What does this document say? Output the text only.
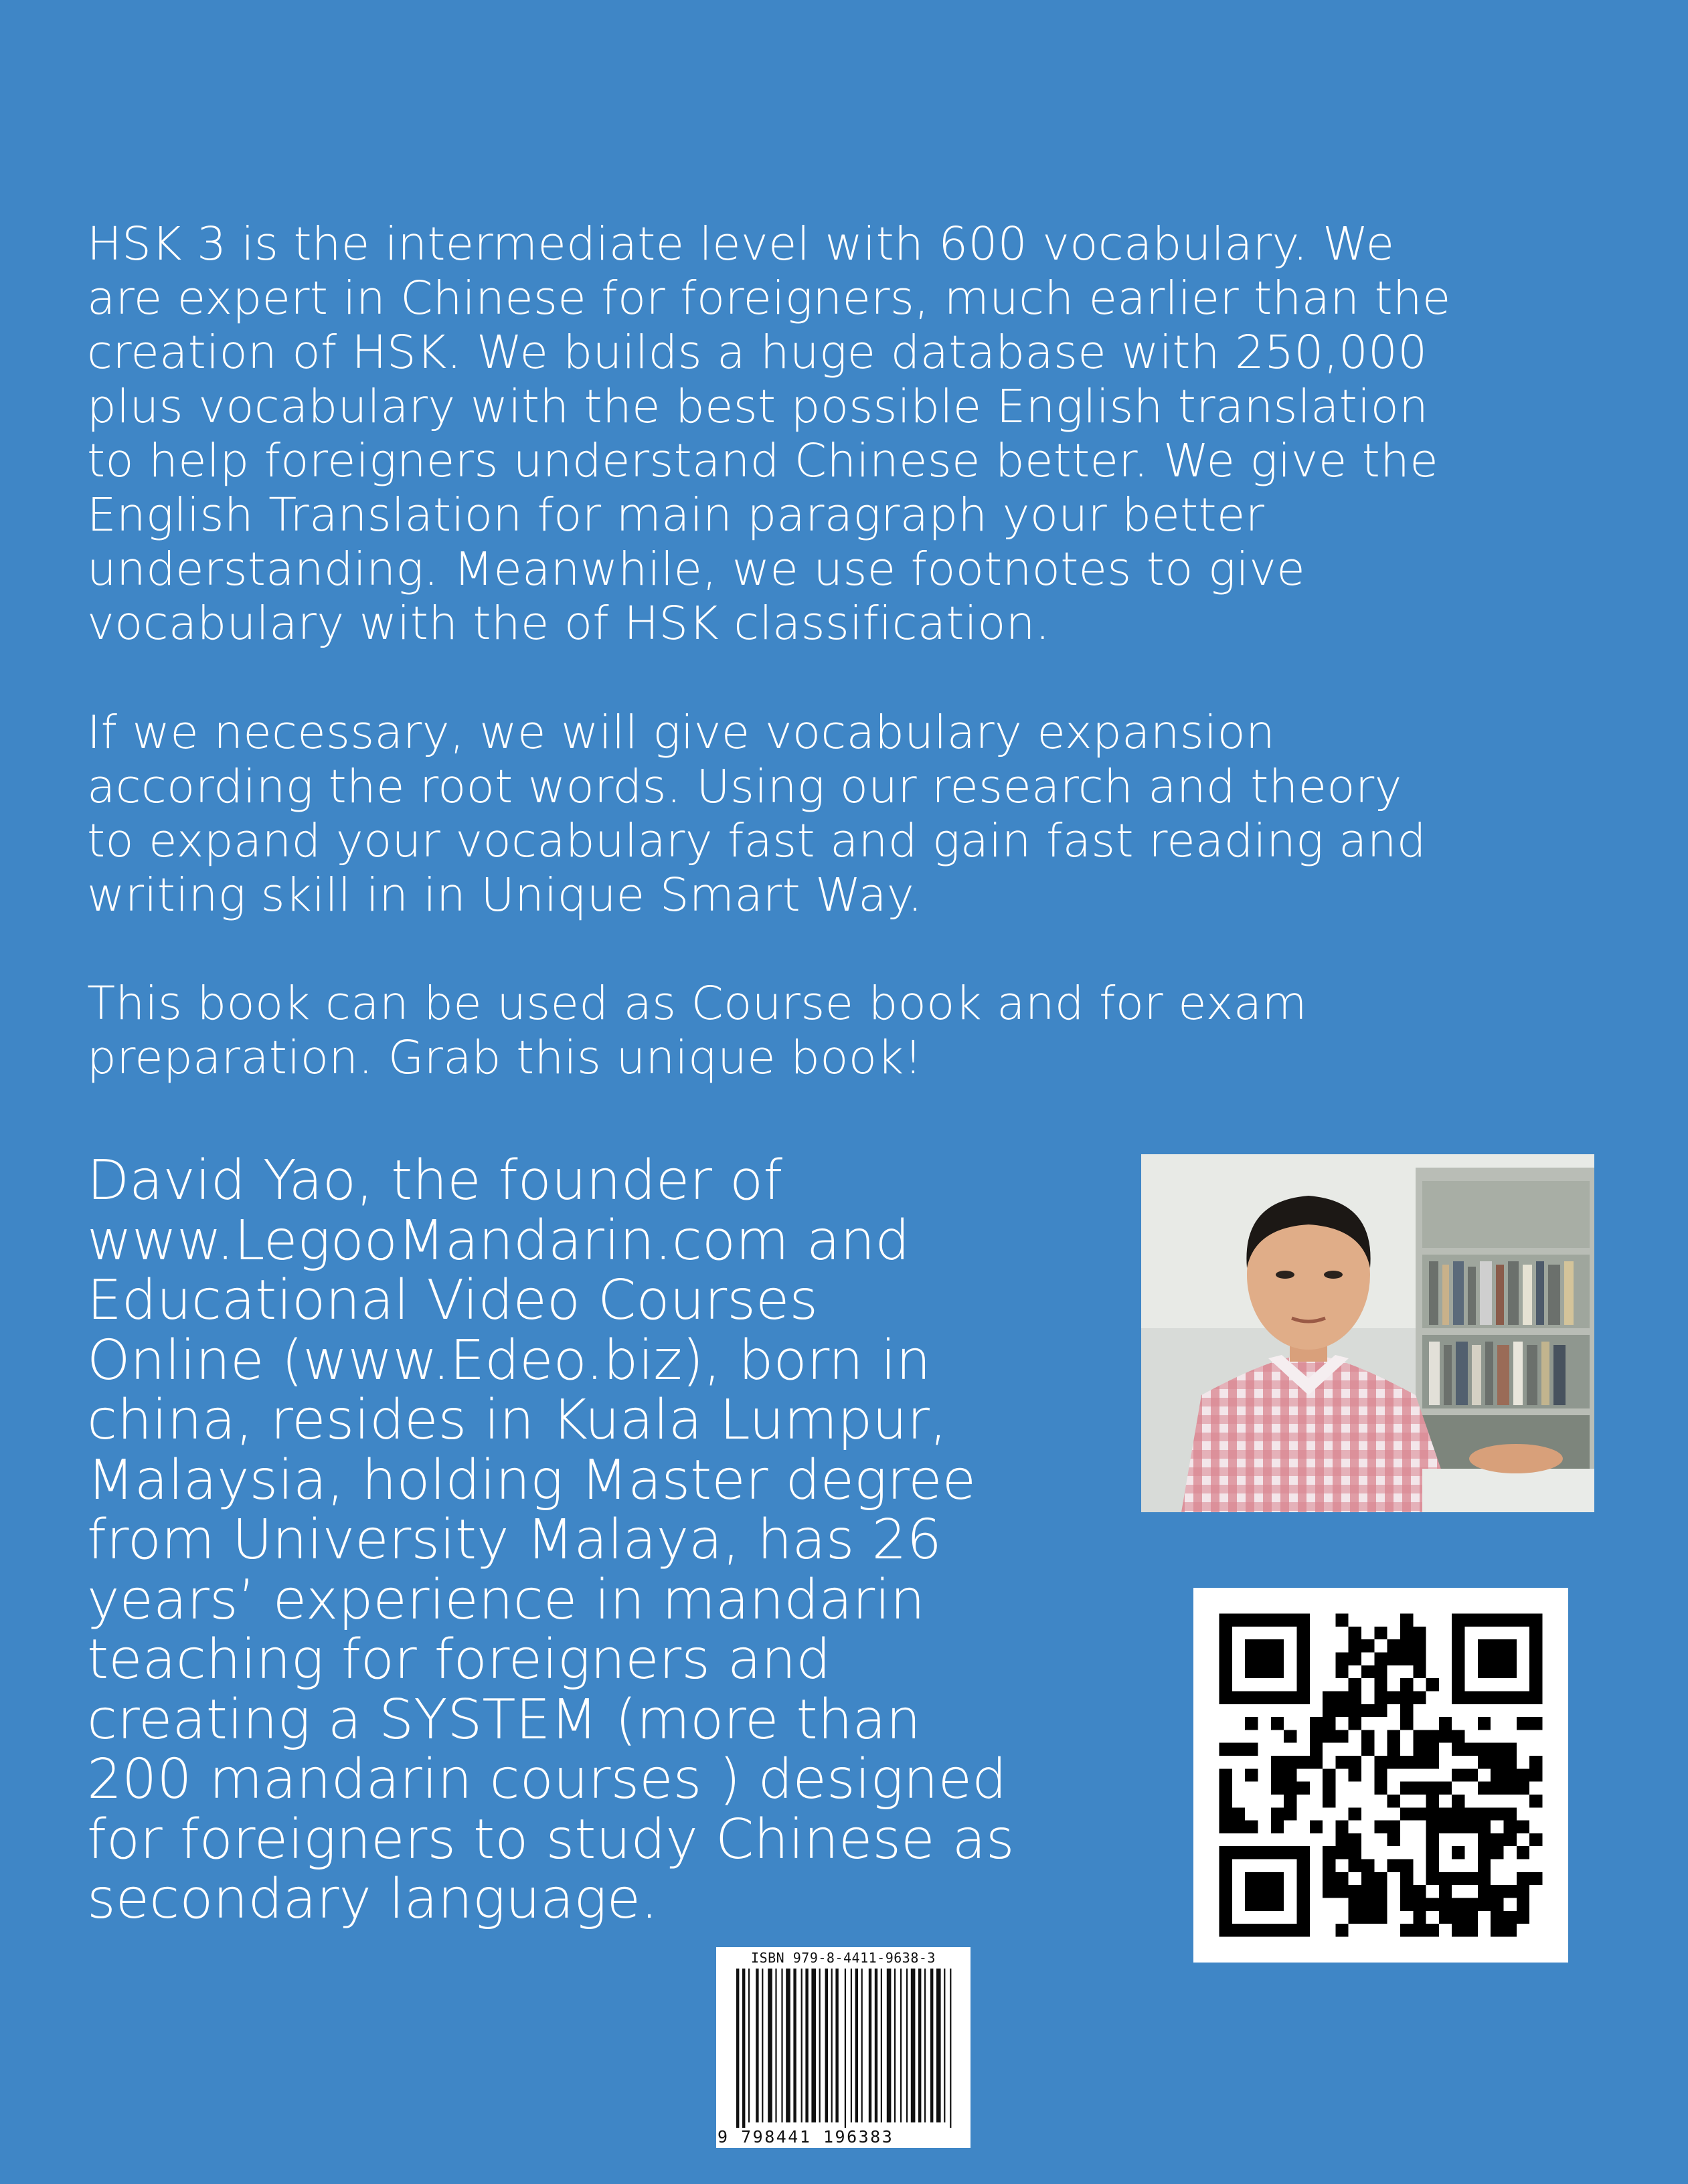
HSK 3 is the intermediate level with 600 vocabulary. We
are expert in Chinese for foreigners, much earlier than the
creation of HSK. We builds a huge database with 250,000
plus vocabulary with the best possible English translation
to help foreigners understand Chinese better. We give the
English Translation for main paragraph your better
understanding. Meanwhile, we use footnotes to give
vocabulary with the of HSK classification.

If we necessary, we will give vocabulary expansion
according the root words. Using our research and theory
to expand your vocabulary fast and gain fast reading and
writing skill in in Unique Smart Way.

This book can be used as Course book and for exam
preparation. Grab this unique book!

David Yao, the founder of
www.LegooMandarin.com and
Educational Video Courses
Online (www.Edeo.biz), born in
china, resides in Kuala Lumpur,
Malaysia, holding Master degree
from University Malaya, has 26
years’ experience in mandarin
teaching for foreigners and
creating a SYSTEM (more than
200 mandarin courses ) designed
for foreigners to study Chinese as
secondary language.

ISBN 979-8-4411-9638-3
9 798441 196383
